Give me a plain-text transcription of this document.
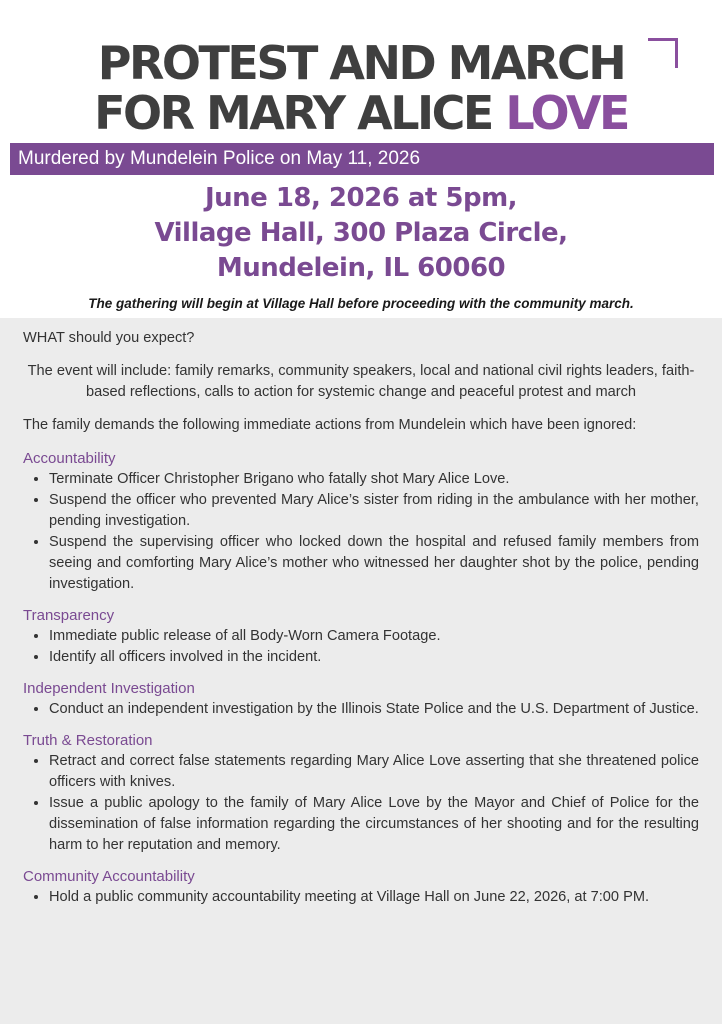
PROTEST AND MARCH
FOR MARY ALICE LOVE
Murdered by Mundelein Police on May 11, 2026
June 18, 2026 at 5pm,
Village Hall, 300 Plaza Circle,
Mundelein, IL 60060
The gathering will begin at Village Hall before proceeding with the community march.

WHAT should you expect?

The event will include: family remarks, community speakers, local and national civil rights leaders, faith-based reflections, calls to action for systemic change and peaceful protest and march

The family demands the following immediate actions from Mundelein which have been ignored:

Accountability

• Terminate Officer Christopher Brigano who fatally shot Mary Alice Love.
• Suspend the officer who prevented Mary Alice’s sister from riding in the ambulance with her mother, pending investigation.
• Suspend the supervising officer who locked down the hospital and refused family members from seeing and comforting Mary Alice’s mother who witnessed her daughter shot by the police, pending investigation.

Transparency

• Immediate public release of all Body-Worn Camera Footage.
• Identify all officers involved in the incident.

Independent Investigation

• Conduct an independent investigation by the Illinois State Police and the U.S. Department of Justice.

Truth & Restoration

• Retract and correct false statements regarding Mary Alice Love asserting that she threatened police officers with knives.
• Issue a public apology to the family of Mary Alice Love by the Mayor and Chief of Police for the dissemination of false information regarding the circumstances of her shooting and for the resulting harm to her reputation and memory.

Community Accountability

• Hold a public community accountability meeting at Village Hall on June 22, 2026, at 7:00 PM.
